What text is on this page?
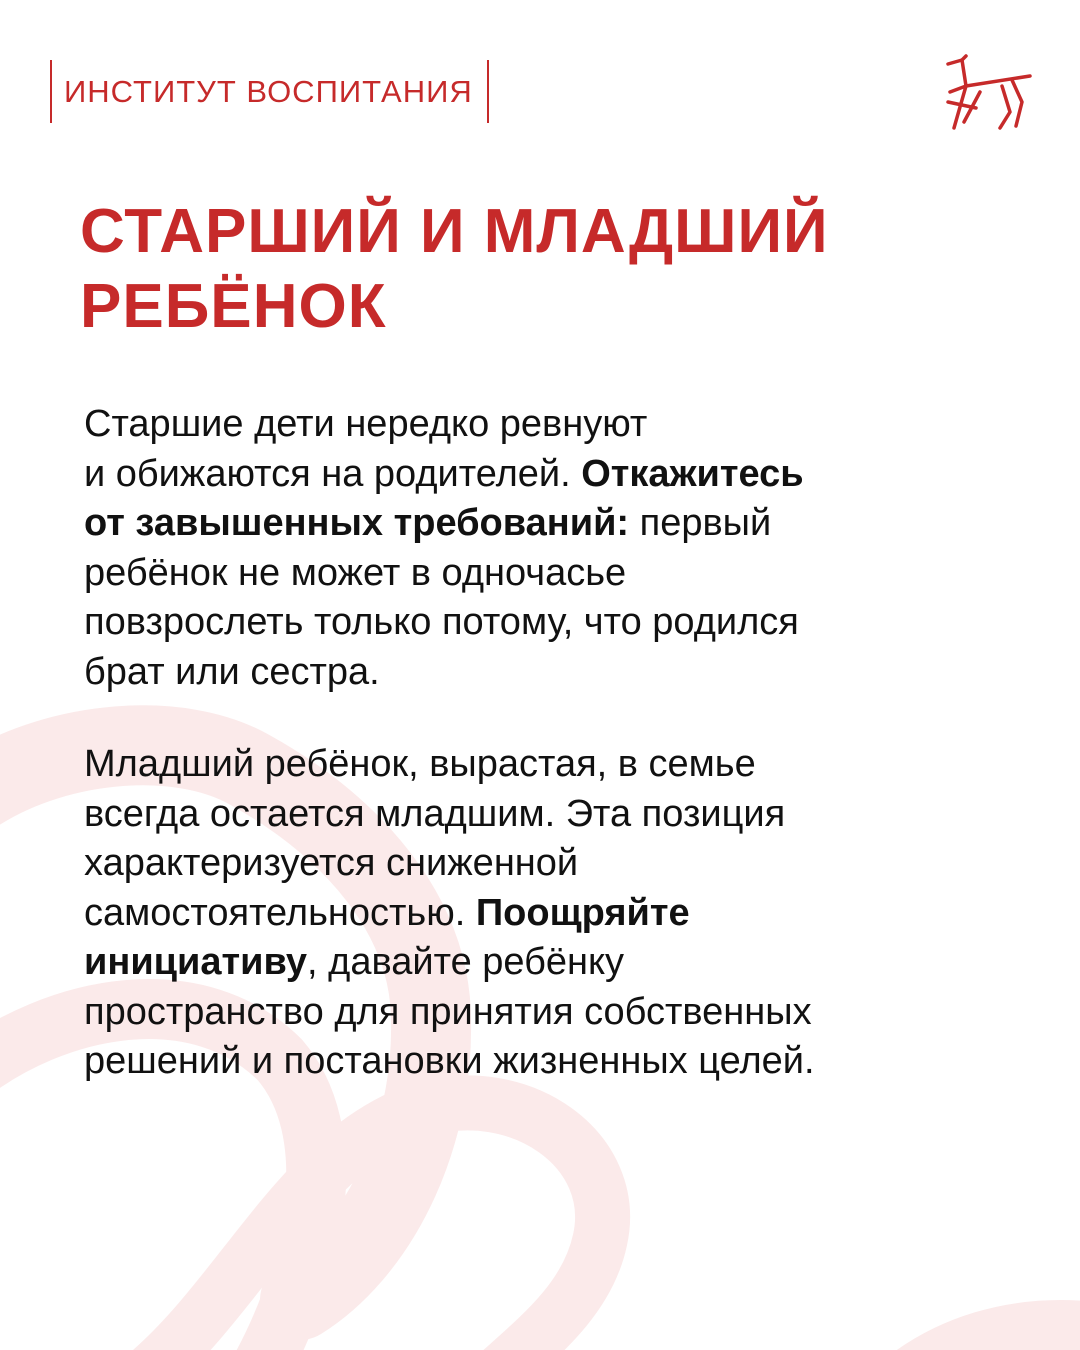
ИНСТИТУТ ВОСПИТАНИЯ
СТАРШИЙ И МЛАДШИЙ
РЕБЁНОК

Старшие дети нередко ревнуют
и обижаются на родителей. Откажитесь
от завышенных требований: первый
ребёнок не может в одночасье
повзрослеть только потому, что родился
брат или сестра.

Младший ребёнок, вырастая, в семье
всегда остается младшим. Эта позиция
характеризуется сниженной
самостоятельностью. Поощряйте
инициативу, давайте ребёнку
пространство для принятия собственных
решений и постановки жизненных целей.
